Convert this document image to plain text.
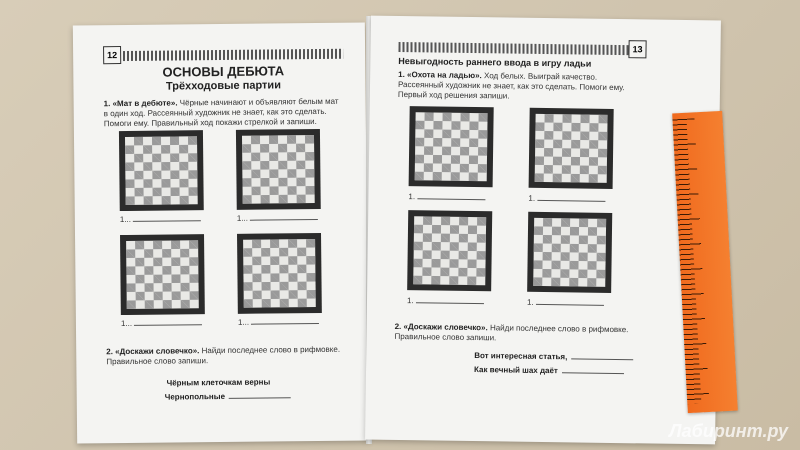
12
ОСНОВЫ ДЕБЮТА
Трёхходовые партии
1. «Мат в дебюте». Чёрные начинают и объявляют белым мат в один ход. Рассеянный художник не знает, как это сделать. Помоги ему. Правильный ход покажи стрелкой и запиши.
1...	1...
1...	1...
2. «Доскажи словечко». Найди последнее слово в рифмовке. Правильное слово запиши.
Чёрным клеточкам верны
Чернопольные
13
Невыгодность раннего ввода в игру ладьи
1. «Охота на ладью». Ход белых. Выиграй качество. Рассеянный художник не знает, как это сделать. Помоги ему. Первый ход решения запиши.
1.	1.
1.	1.
2. «Доскажи словечко». Найди последнее слово в рифмовке. Правильное слово запиши.
Вот интересная статья,
Как вечный шах даёт
Лабиринт.ру
